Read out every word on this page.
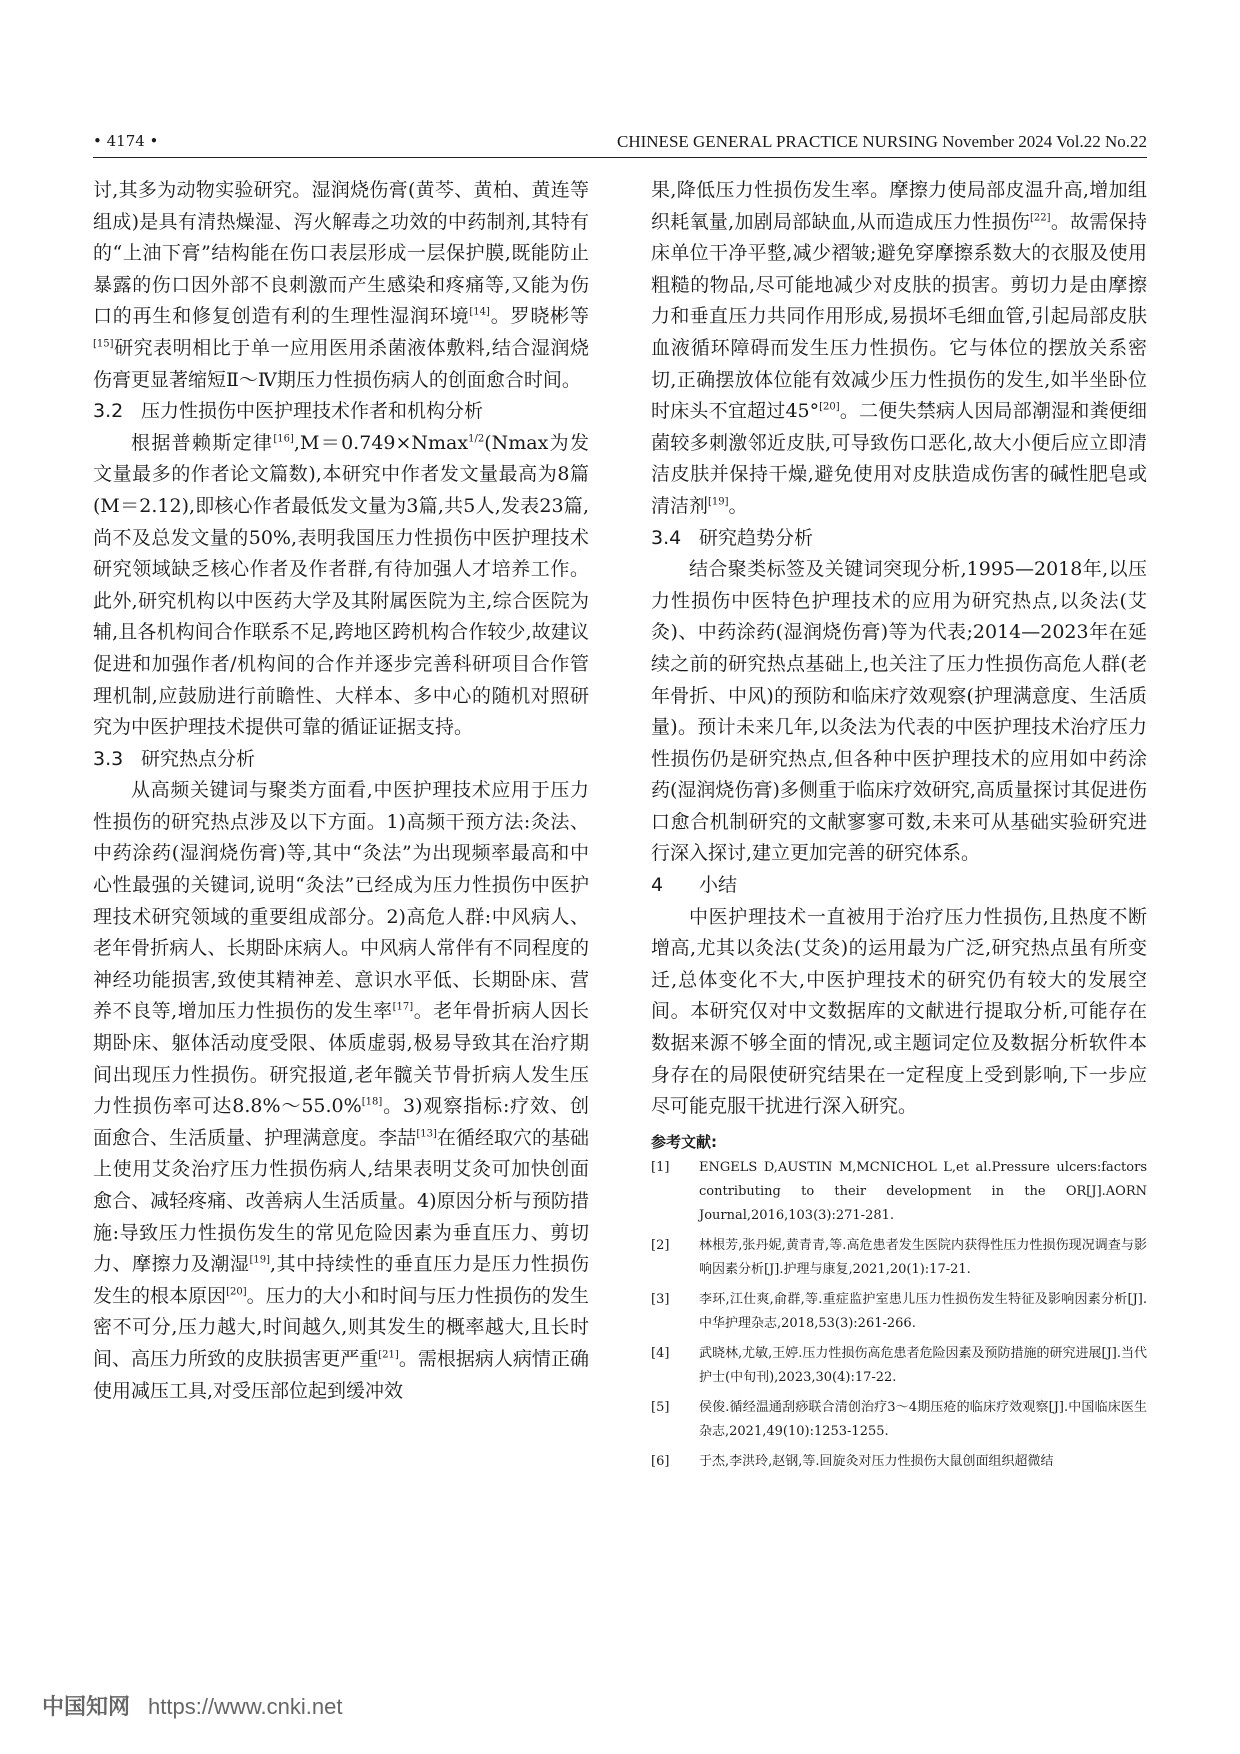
• 4174 •	CHINESE GENERAL PRACTICE NURSING November 2024 Vol.22 No.22

讨,其多为动物实验研究。湿润烧伤膏(黄芩、黄柏、黄连等组成)是具有清热燥湿、泻火解毒之功效的中药制剂,其特有的“上油下膏”结构能在伤口表层形成一层保护膜,既能防止暴露的伤口因外部不良刺激而产生感染和疼痛等,又能为伤口的再生和修复创造有利的生理性湿润环境[14]。罗晓彬等[15]研究表明相比于单一应用医用杀菌液体敷料,结合湿润烧伤膏更显著缩短Ⅱ～Ⅳ期压力性损伤病人的创面愈合时间。

3.2 压力性损伤中医护理技术作者和机构分析

根据普赖斯定律[16],M＝0.749×Nmax$^{1/2}$(Nmax为发文量最多的作者论文篇数),本研究中作者发文量最高为8篇(M＝2.12),即核心作者最低发文量为3篇,共5人,发表23篇,尚不及总发文量的50%,表明我国压力性损伤中医护理技术研究领域缺乏核心作者及作者群,有待加强人才培养工作。此外,研究机构以中医药大学及其附属医院为主,综合医院为辅,且各机构间合作联系不足,跨地区跨机构合作较少,故建议促进和加强作者/机构间的合作并逐步完善科研项目合作管理机制,应鼓励进行前瞻性、大样本、多中心的随机对照研究为中医护理技术提供可靠的循证证据支持。

3.3 研究热点分析

从高频关键词与聚类方面看,中医护理技术应用于压力性损伤的研究热点涉及以下方面。1)高频干预方法:灸法、中药涂药(湿润烧伤膏)等,其中“灸法”为出现频率最高和中心性最强的关键词,说明“灸法”已经成为压力性损伤中医护理技术研究领域的重要组成部分。2)高危人群:中风病人、老年骨折病人、长期卧床病人。中风病人常伴有不同程度的神经功能损害,致使其精神差、意识水平低、长期卧床、营养不良等,增加压力性损伤的发生率[17]。老年骨折病人因长期卧床、躯体活动度受限、体质虚弱,极易导致其在治疗期间出现压力性损伤。研究报道,老年髋关节骨折病人发生压力性损伤率可达8.8%～55.0%[18]。3)观察指标:疗效、创面愈合、生活质量、护理满意度。李喆[13]在循经取穴的基础上使用艾灸治疗压力性损伤病人,结果表明艾灸可加快创面愈合、减轻疼痛、改善病人生活质量。4)原因分析与预防措施:导致压力性损伤发生的常见危险因素为垂直压力、剪切力、摩擦力及潮湿[19],其中持续性的垂直压力是压力性损伤发生的根本原因[20]。压力的大小和时间与压力性损伤的发生密不可分,压力越大,时间越久,则其发生的概率越大,且长时间、高压力所致的皮肤损害更严重[21]。需根据病人病情正确使用减压工具,对受压部位起到缓冲效

果,降低压力性损伤发生率。摩擦力使局部皮温升高,增加组织耗氧量,加剧局部缺血,从而造成压力性损伤[22]。故需保持床单位干净平整,减少褶皱;避免穿摩擦系数大的衣服及使用粗糙的物品,尽可能地减少对皮肤的损害。剪切力是由摩擦力和垂直压力共同作用形成,易损坏毛细血管,引起局部皮肤血液循环障碍而发生压力性损伤。它与体位的摆放关系密切,正确摆放体位能有效减少压力性损伤的发生,如半坐卧位时床头不宜超过45°[20]。二便失禁病人因局部潮湿和粪便细菌较多刺激邻近皮肤,可导致伤口恶化,故大小便后应立即清洁皮肤并保持干燥,避免使用对皮肤造成伤害的碱性肥皂或清洁剂[19]。

3.4 研究趋势分析

结合聚类标签及关键词突现分析,1995—2018年,以压力性损伤中医特色护理技术的应用为研究热点,以灸法(艾灸)、中药涂药(湿润烧伤膏)等为代表;2014—2023年在延续之前的研究热点基础上,也关注了压力性损伤高危人群(老年骨折、中风)的预防和临床疗效观察(护理满意度、生活质量)。预计未来几年,以灸法为代表的中医护理技术治疗压力性损伤仍是研究热点,但各种中医护理技术的应用如中药涂药(湿润烧伤膏)多侧重于临床疗效研究,高质量探讨其促进伤口愈合机制研究的文献寥寥可数,未来可从基础实验研究进行深入探讨,建立更加完善的研究体系。

4 小结

中医护理技术一直被用于治疗压力性损伤,且热度不断增高,尤其以灸法(艾灸)的运用最为广泛,研究热点虽有所变迁,总体变化不大,中医护理技术的研究仍有较大的发展空间。本研究仅对中文数据库的文献进行提取分析,可能存在数据来源不够全面的情况,或主题词定位及数据分析软件本身存在的局限使研究结果在一定程度上受到影响,下一步应尽可能克服干扰进行深入研究。

参考文献:
[1]	ENGELS D,AUSTIN M,MCNICHOL L,et al.Pressure ulcers:factors contributing to their development in the OR[J].AORN Journal,2016,103(3):271-281.
[2]	林根芳,张丹妮,黄青青,等.高危患者发生医院内获得性压力性损伤现况调查与影响因素分析[J].护理与康复,2021,20(1):17-21.
[3]	李环,江仕爽,俞群,等.重症监护室患儿压力性损伤发生特征及影响因素分析[J].中华护理杂志,2018,53(3):261-266.
[4]	武晓林,尤敏,王婷.压力性损伤高危患者危险因素及预防措施的研究进展[J].当代护士(中旬刊),2023,30(4):17-22.
[5]	侯俊.循经温通刮痧联合清创治疗3～4期压疮的临床疗效观察[J].中国临床医生杂志,2021,49(10):1253-1255.
[6]	于杰,李洪玲,赵钢,等.回旋灸对压力性损伤大鼠创面组织超微结
中国知网 https://www.cnki.net
